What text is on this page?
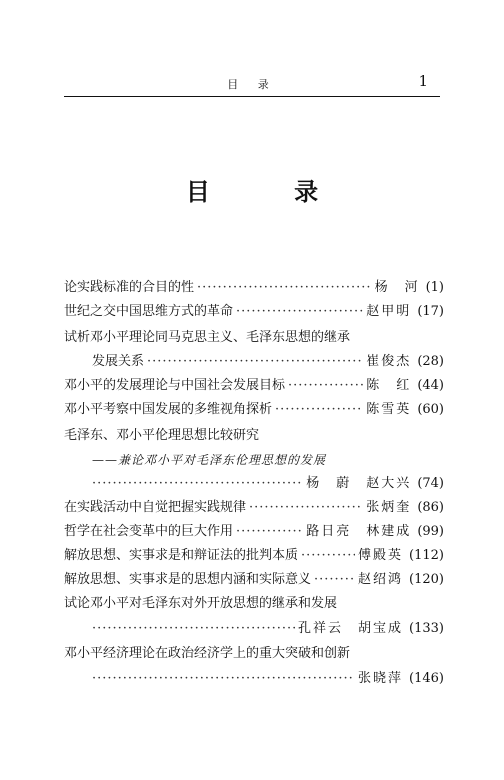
目 录	1
目 录
论实践标准的合目的性 ·····	杨　河 (1)
世纪之交中国思维方式的革命 ·····	赵甲明 (17)
试析邓小平理论同马克思主义、毛泽东思想的继承
发展关系 ·····	崔俊杰 (28)
邓小平的发展理论与中国社会发展目标 ·····	陈　红 (44)
邓小平考察中国发展的多维视角探析 ·····	陈雪英 (60)
毛泽东、邓小平伦理思想比较研究
——兼论邓小平对毛泽东伦理思想的发展
·····
杨　蔚　赵大兴 (74)
在实践活动中自觉把握实践规律 ·····	张炳奎 (86)
哲学在社会变革中的巨大作用 ·····	路日亮　林建成 (99)
解放思想、实事求是和辩证法的批判本质 ·····	傅殿英 (112)
解放思想、实事求是的思想内涵和实际意义 ·····	赵绍鸿 (120)
试论邓小平对毛泽东对外开放思想的继承和发展
·····
孔祥云　胡宝成 (133)
邓小平经济理论在政治经济学上的重大突破和创新
·····
张晓萍 (146)
